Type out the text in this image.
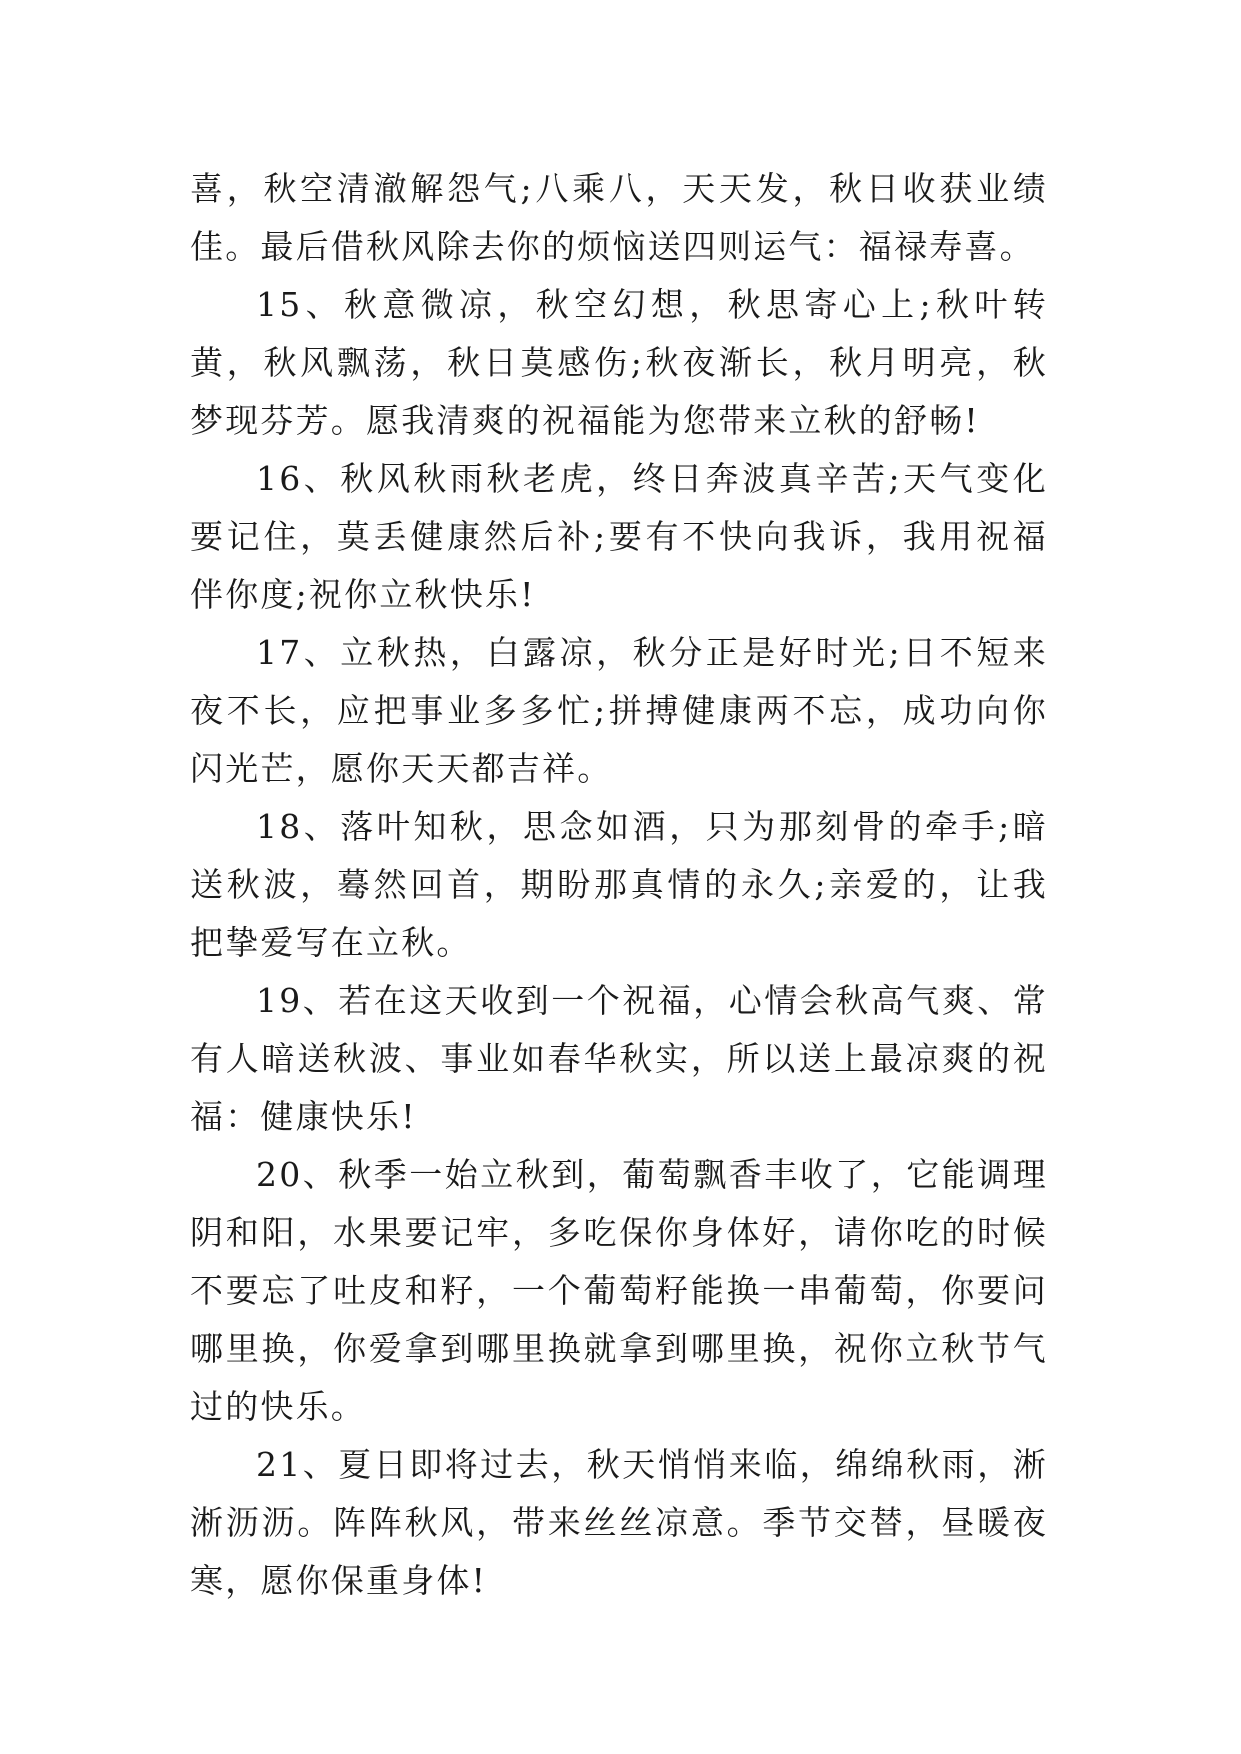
喜，秋空清澈解怨气;八乘八，天天发，秋日收获业绩佳。最后借秋风除去你的烦恼送四则运气：福禄寿喜。

15、秋意微凉，秋空幻想，秋思寄心上;秋叶转黄，秋风飘荡，秋日莫感伤;秋夜渐长，秋月明亮，秋梦现芬芳。愿我清爽的祝福能为您带来立秋的舒畅!

16、秋风秋雨秋老虎，终日奔波真辛苦;天气变化要记住，莫丢健康然后补;要有不快向我诉，我用祝福伴你度;祝你立秋快乐!

17、立秋热，白露凉，秋分正是好时光;日不短来夜不长，应把事业多多忙;拼搏健康两不忘，成功向你闪光芒，愿你天天都吉祥。

18、落叶知秋，思念如酒，只为那刻骨的牵手;暗送秋波，蓦然回首，期盼那真情的永久;亲爱的，让我把挚爱写在立秋。

19、若在这天收到一个祝福，心情会秋高气爽、常有人暗送秋波、事业如春华秋实，所以送上最凉爽的祝福：健康快乐!

20、秋季一始立秋到，葡萄飘香丰收了，它能调理阴和阳，水果要记牢，多吃保你身体好，请你吃的时候不要忘了吐皮和籽，一个葡萄籽能换一串葡萄，你要问哪里换，你爱拿到哪里换就拿到哪里换，祝你立秋节气过的快乐。

21、夏日即将过去，秋天悄悄来临，绵绵秋雨，淅淅沥沥。阵阵秋风，带来丝丝凉意。季节交替，昼暖夜寒，愿你保重身体!
